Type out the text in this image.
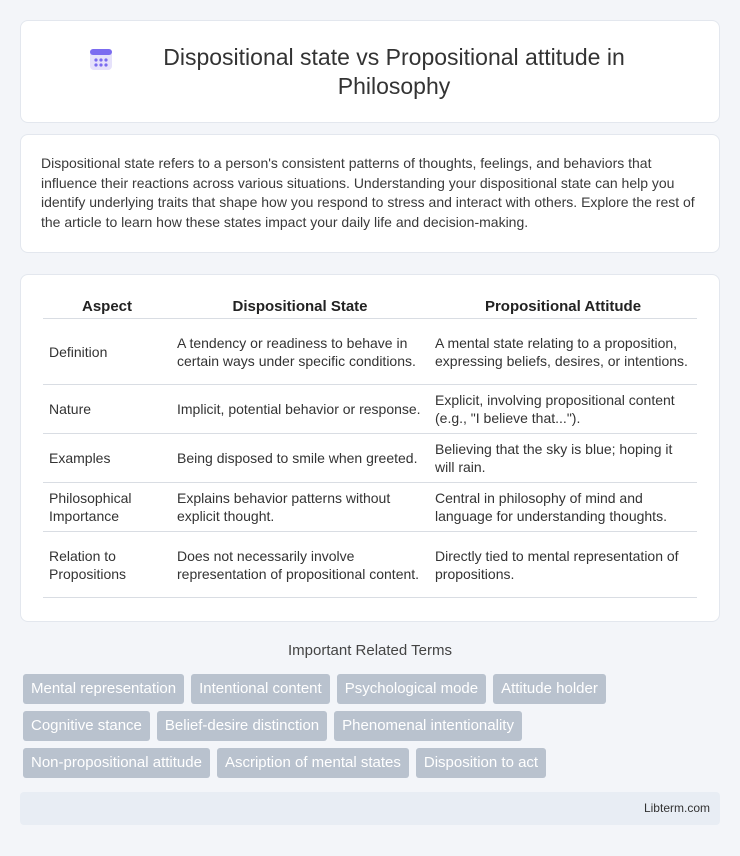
Dispositional state vs Propositional attitude in Philosophy

Dispositional state refers to a person's consistent patterns of thoughts, feelings, and behaviors that influence their reactions across various situations. Understanding your dispositional state can help you identify underlying traits that shape how you respond to stress and interact with others. Explore the rest of the article to learn how these states impact your daily life and decision-making.

Aspect	Dispositional State	Propositional Attitude
Definition	A tendency or readiness to behave in certain ways under specific conditions.	A mental state relating to a proposition, expressing beliefs, desires, or intentions.
Nature	Implicit, potential behavior or response.	Explicit, involving propositional content (e.g., "I believe that...").
Examples	Being disposed to smile when greeted.	Believing that the sky is blue; hoping it will rain.
Philosophical Importance	Explains behavior patterns without explicit thought.	Central in philosophy of mind and language for understanding thoughts.
Relation to Propositions	Does not necessarily involve representation of propositional content.	Directly tied to mental representation of propositions.
Important Related Terms
Mental representation	Intentional content	Psychological mode	Attitude holder
Cognitive stance	Belief-desire distinction	Phenomenal intentionality
Non-propositional attitude	Ascription of mental states	Disposition to act
Libterm.com
